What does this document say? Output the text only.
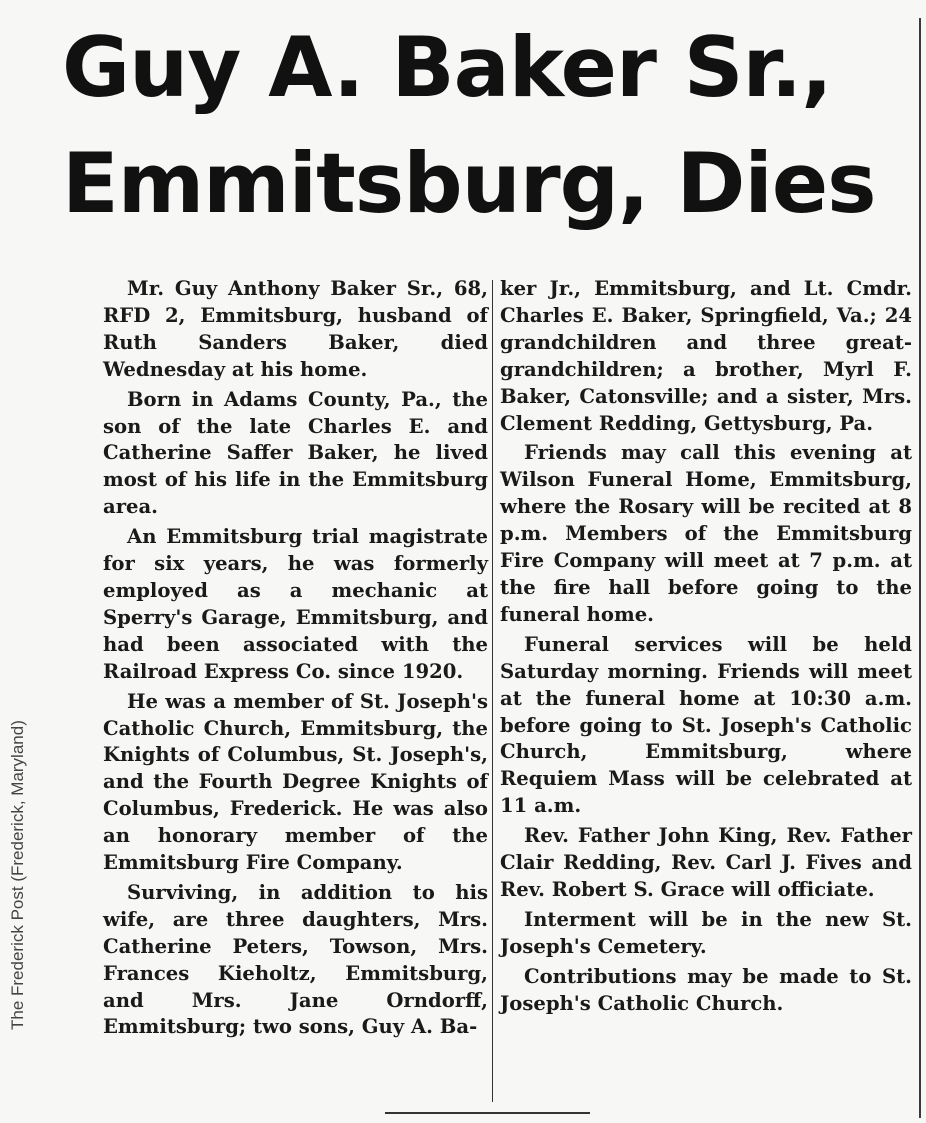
Guy A. Baker Sr.,
Emmitsburg, Dies

Mr. Guy Anthony Baker Sr., 68, RFD 2, Emmitsburg, husband of Ruth Sanders Baker, died Wednesday at his home.

Born in Adams County, Pa., the son of the late Charles E. and Catherine Saffer Baker, he lived most of his life in the Emmitsburg area.

An Emmitsburg trial magistrate for six years, he was formerly employed as a mechanic at Sperry's Garage, Emmitsburg, and had been associated with the Railroad Express Co. since 1920.

He was a member of St. Joseph's Catholic Church, Emmitsburg, the Knights of Columbus, St. Joseph's, and the Fourth Degree Knights of Columbus, Frederick. He was also an honorary member of the Emmitsburg Fire Company.

Surviving, in addition to his wife, are three daughters, Mrs. Catherine Peters, Towson, Mrs. Frances Kieholtz, Emmitsburg, and Mrs. Jane Orndorff, Emmitsburg; two sons, Guy A. Ba-

ker Jr., Emmitsburg, and Lt. Cmdr. Charles E. Baker, Springfield, Va.; 24 grandchildren and three great-grandchildren; a brother, Myrl F. Baker, Catonsville; and a sister, Mrs. Clement Redding, Gettysburg, Pa.

Friends may call this evening at Wilson Funeral Home, Emmitsburg, where the Rosary will be recited at 8 p.m. Members of the Emmitsburg Fire Company will meet at 7 p.m. at the fire hall before going to the funeral home.

Funeral services will be held Saturday morning. Friends will meet at the funeral home at 10:30 a.m. before going to St. Joseph's Catholic Church, Emmitsburg, where Requiem Mass will be celebrated at 11 a.m.

Rev. Father John King, Rev. Father Clair Redding, Rev. Carl J. Fives and Rev. Robert S. Grace will officiate.

Interment will be in the new St. Joseph's Cemetery.

Contributions may be made to St. Joseph's Catholic Church.

The Frederick Post (Frederick, Maryland)
